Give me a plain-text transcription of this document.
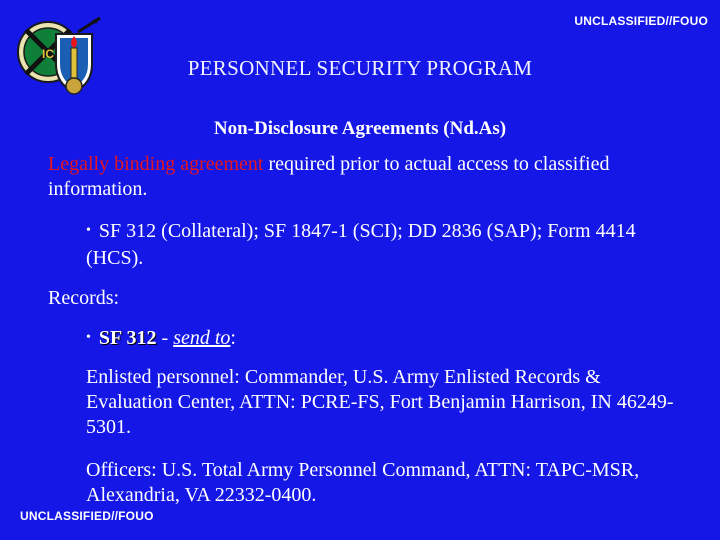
UNCLASSIFIED//FOUO
IC
PERSONNEL SECURITY PROGRAM
Non-Disclosure Agreements (Nd.As)
Legally binding agreement required prior to actual access to classified information.
• SF 312 (Collateral); SF 1847-1 (SCI); DD 2836 (SAP); Form 4414 (HCS).
Records:
• SF 312 - send to:
Enlisted personnel: Commander, U.S. Army Enlisted Records & Evaluation Center, ATTN: PCRE-FS, Fort Benjamin Harrison, IN 46249-5301.
Officers: U.S. Total Army Personnel Command, ATTN: TAPC-MSR, Alexandria, VA 22332-0400.
UNCLASSIFIED//FOUO
